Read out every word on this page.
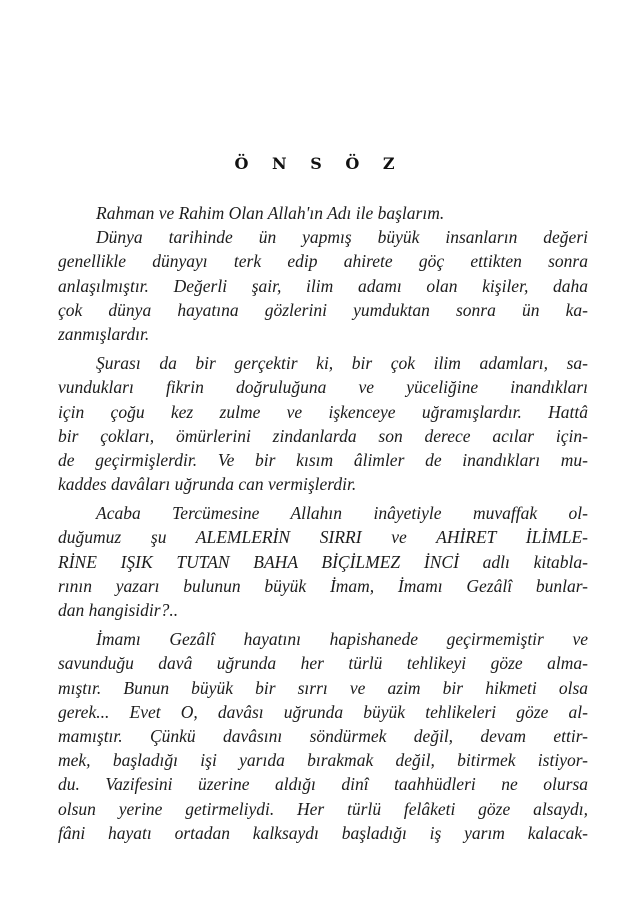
Ö N S Ö Z
Rahman ve Rahim Olan Allah'ın Adı ile başlarım.
Dünya tarihinde ün yapmış büyük insanların değeri
genellikle dünyayı terk edip ahirete göç ettikten sonra
anlaşılmıştır. Değerli şair, ilim adamı olan kişiler, daha
çok dünya hayatına gözlerini yumduktan sonra ün ka-
zanmışlardır.
Şurası da bir gerçektir ki, bir çok ilim adamları, sa-
vundukları fikrin doğruluğuna ve yüceliğine inandıkları
için çoğu kez zulme ve işkenceye uğramışlardır. Hattâ
bir çokları, ömürlerini zindanlarda son derece acılar için-
de geçirmişlerdir. Ve bir kısım âlimler de inandıkları mu-
kaddes davâları uğrunda can vermişlerdir.
Acaba Tercümesine Allahın inâyetiyle muvaffak ol-
duğumuz şu ALEMLERİN SIRRI ve AHİRET İLİMLE-
RİNE IŞIK TUTAN BAHA BİÇİLMEZ İNCİ adlı kitabla-
rının yazarı bulunun büyük İmam, İmamı Gezâlî bunlar-
dan hangisidir?..
İmamı Gezâlî hayatını hapishanede geçirmemiştir ve
savunduğu davâ uğrunda her türlü tehlikeyi göze alma-
mıştır. Bunun büyük bir sırrı ve azim bir hikmeti olsa
gerek... Evet O, davâsı uğrunda büyük tehlikeleri göze al-
mamıştır. Çünkü davâsını söndürmek değil, devam ettir-
mek, başladığı işi yarıda bırakmak değil, bitirmek istiyor-
du. Vazifesini üzerine aldığı dinî taahhüdleri ne olursa
olsun yerine getirmeliydi. Her türlü felâketi göze alsaydı,
fâni hayatı ortadan kalksaydı başladığı iş yarım kalacak-
